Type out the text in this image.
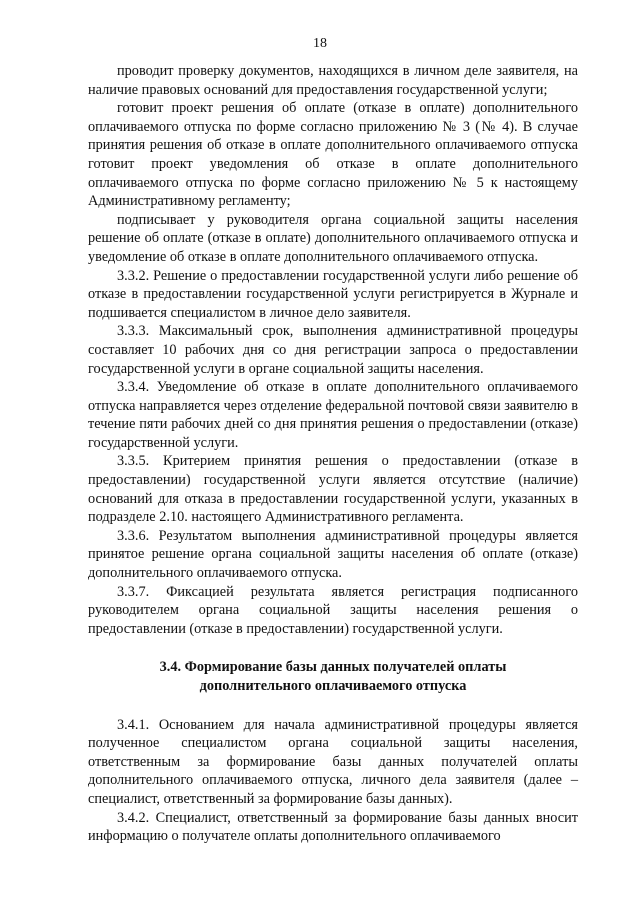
18

проводит проверку документов, находящихся в личном деле заявителя, на наличие правовых оснований для предоставления государственной услуги;

готовит проект решения об оплате (отказе в оплате) дополнительного оплачиваемого отпуска по форме согласно приложению № 3 (№ 4). В случае принятия решения об отказе в оплате дополнительного оплачиваемого отпуска готовит проект уведомления об отказе в оплате дополнительного оплачиваемого отпуска по форме согласно приложению № 5 к настоящему Административному регламенту;

подписывает у руководителя органа социальной защиты населения решение об оплате (отказе в оплате) дополнительного оплачиваемого отпуска и уведомление об отказе в оплате дополнительного оплачиваемого отпуска.

3.3.2. Решение о предоставлении государственной услуги либо решение об отказе в предоставлении государственной услуги регистрируется в Журнале и подшивается специалистом в личное дело заявителя.

3.3.3. Максимальный срок, выполнения административной процедуры составляет 10 рабочих дня со дня регистрации запроса о предоставлении государственной услуги в органе социальной защиты населения.

3.3.4. Уведомление об отказе в оплате дополнительного оплачиваемого отпуска направляется через отделение федеральной почтовой связи заявителю в течение пяти рабочих дней со дня принятия решения о предоставлении (отказе) государственной услуги.

3.3.5. Критерием принятия решения о предоставлении (отказе в предоставлении) государственной услуги является отсутствие (наличие) оснований для отказа в предоставлении государственной услуги, указанных в подразделе 2.10. настоящего Административного регламента.

3.3.6. Результатом выполнения административной процедуры является принятое решение органа социальной защиты населения об оплате (отказе) дополнительного оплачиваемого отпуска.

3.3.7. Фиксацией результата является регистрация подписанного руководителем органа социальной защиты населения решения о предоставлении (отказе в предоставлении) государственной услуги.

3.4. Формирование базы данных получателей оплаты
дополнительного оплачиваемого отпуска

3.4.1. Основанием для начала административной процедуры является полученное специалистом органа социальной защиты населения, ответственным за формирование базы данных получателей оплаты дополнительного оплачиваемого отпуска, личного дела заявителя (далее – специалист, ответственный за формирование базы данных).

3.4.2. Специалист, ответственный за формирование базы данных вносит информацию о получателе оплаты дополнительного оплачиваемого
